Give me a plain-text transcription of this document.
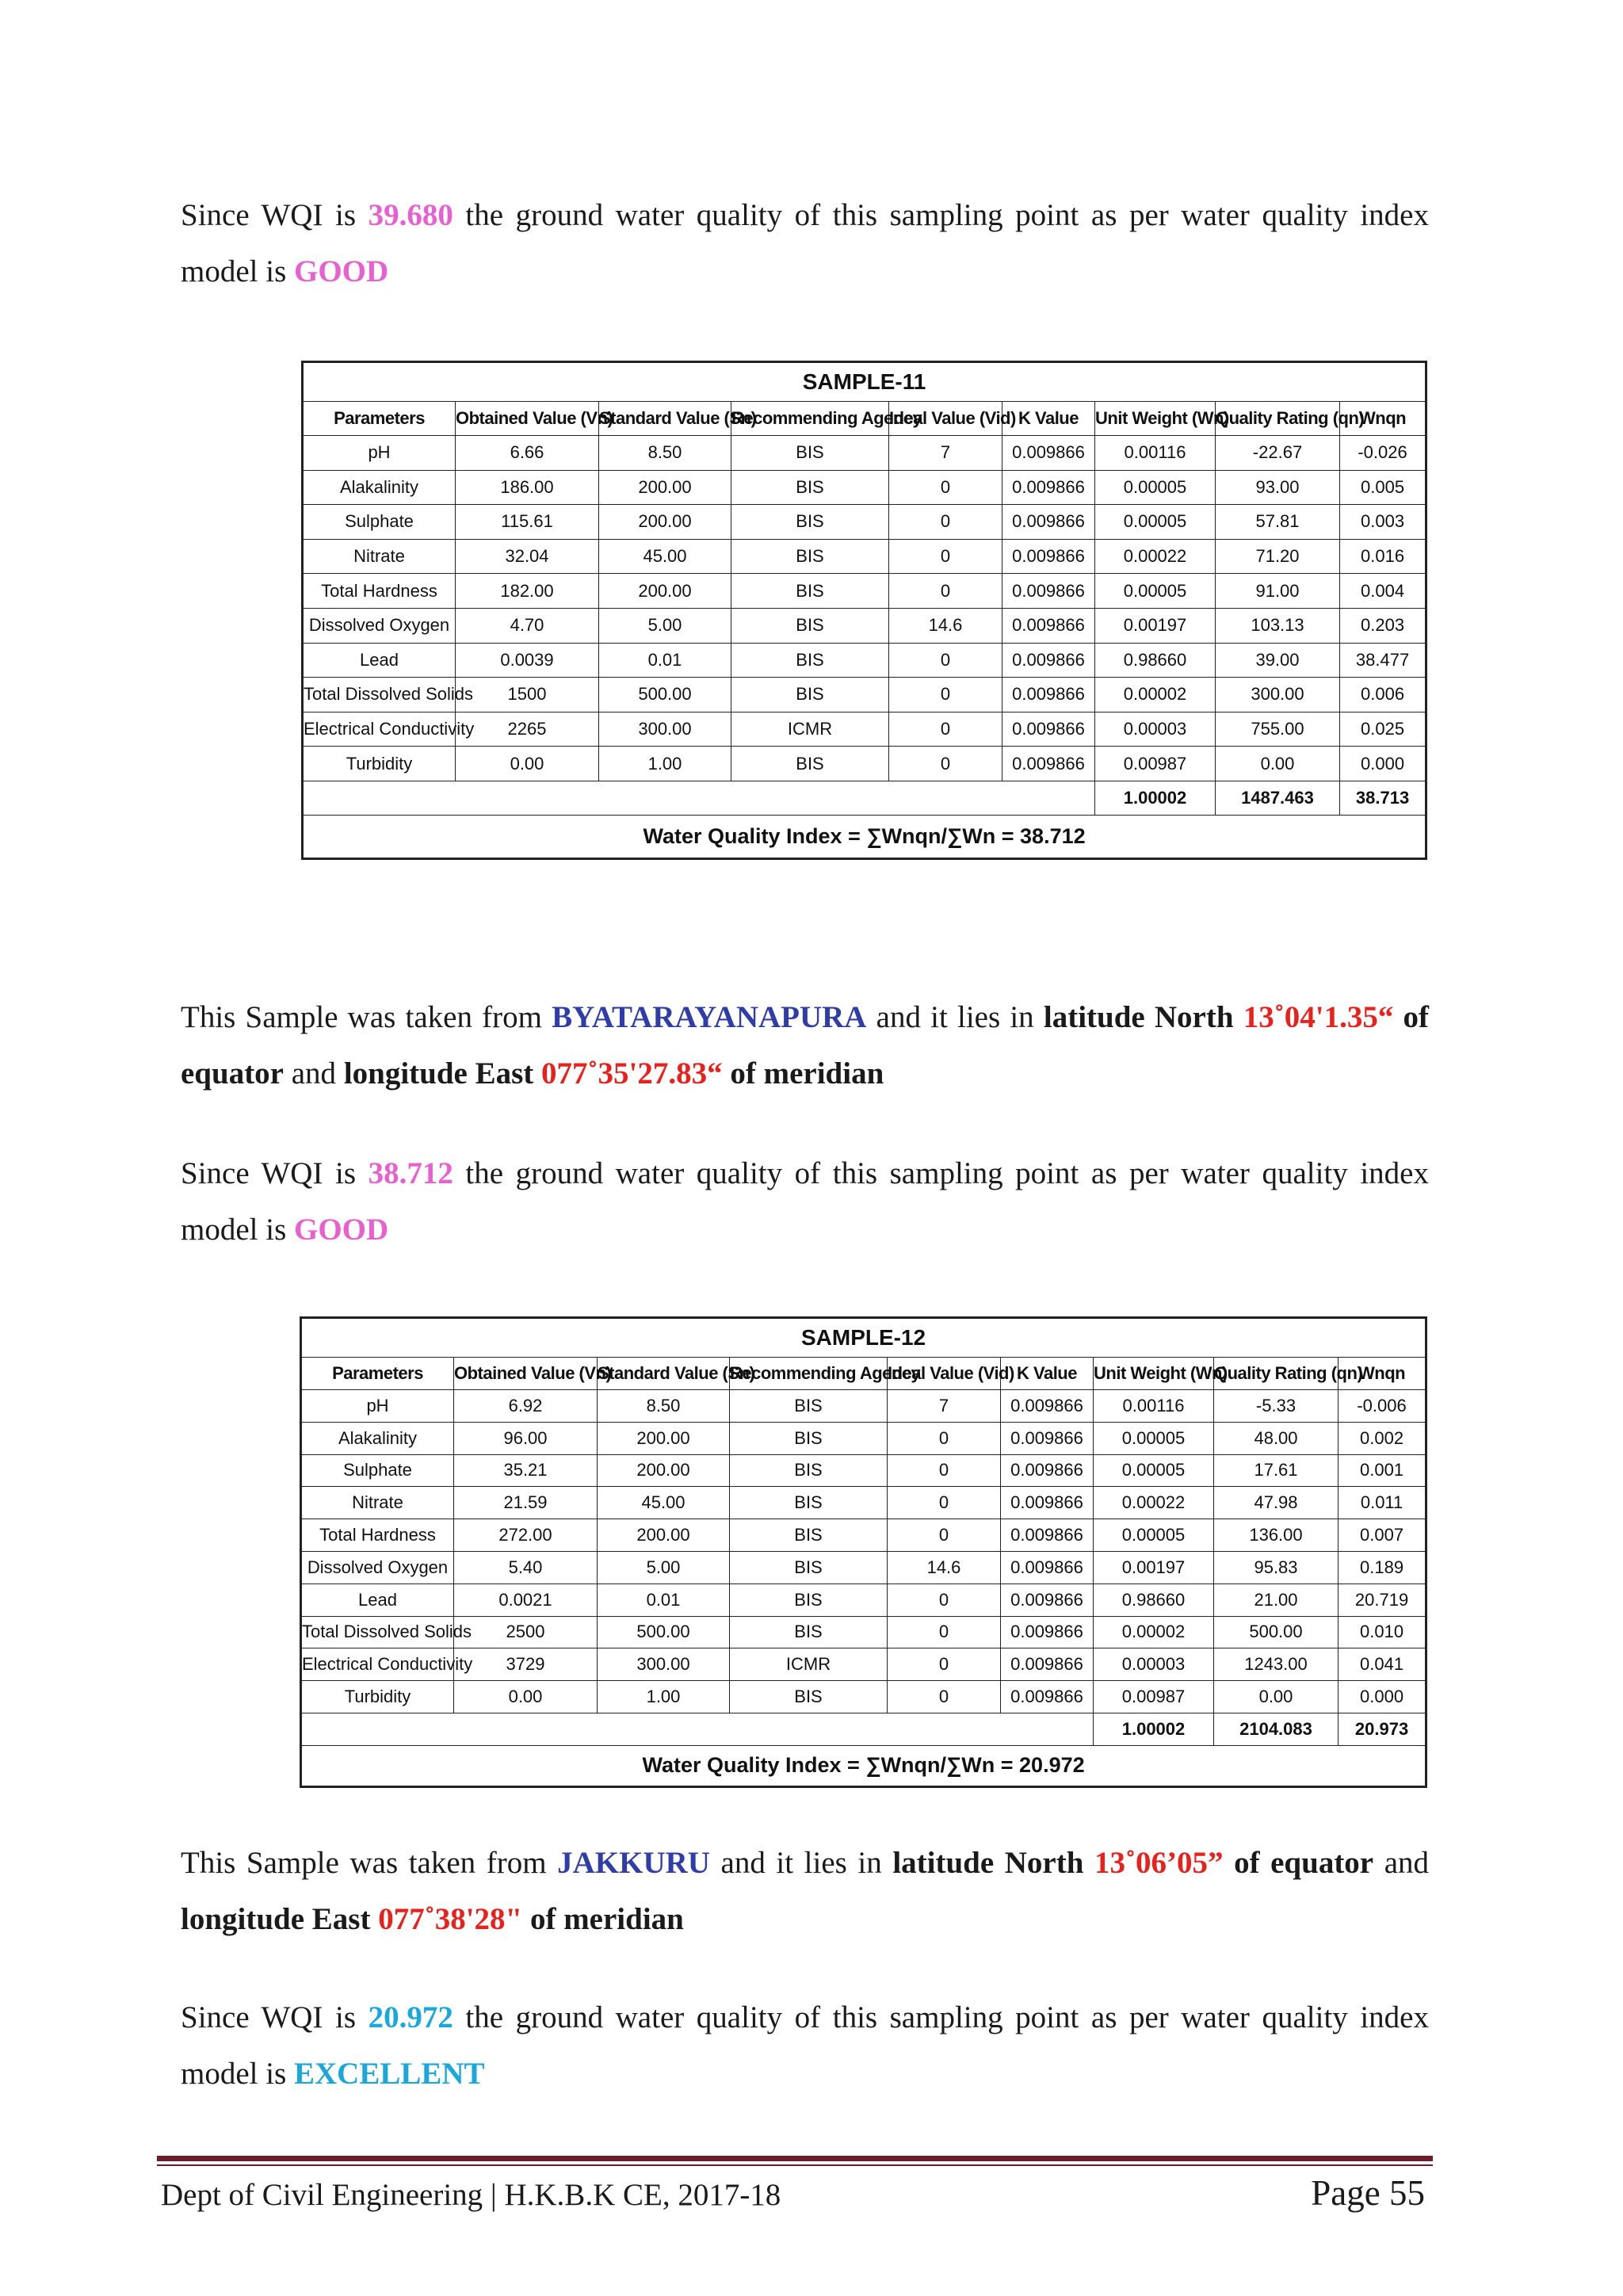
Since WQI is 39.680 the ground water quality of this sampling point as per water quality index model is GOOD
SAMPLE-11								
Parameters	Obtained Value (Vn)	Standard Value (Sn)	Recommending Agency	Ideal Value (Vid)	K Value	Unit Weight (Wn)	Quality Rating (qn)	Wnqn
pH	6.66	8.50	BIS	7	0.009866	0.00116	-22.67	-0.026
Alakalinity	186.00	200.00	BIS	0	0.009866	0.00005	93.00	0.005
Sulphate	115.61	200.00	BIS	0	0.009866	0.00005	57.81	0.003
Nitrate	32.04	45.00	BIS	0	0.009866	0.00022	71.20	0.016
Total Hardness	182.00	200.00	BIS	0	0.009866	0.00005	91.00	0.004
Dissolved Oxygen	4.70	5.00	BIS	14.6	0.009866	0.00197	103.13	0.203
Lead	0.0039	0.01	BIS	0	0.009866	0.98660	39.00	38.477
Total Dissolved Solids	1500	500.00	BIS	0	0.009866	0.00002	300.00	0.006
Electrical Conductivity	2265	300.00	ICMR	0	0.009866	0.00003	755.00	0.025
Turbidity	0.00	1.00	BIS	0	0.009866	0.00987	0.00	0.000
						1.00002	1487.463	38.713
Water Quality Index = ∑Wnqn/∑Wn = 38.712								
This Sample was taken from BYATARAYANAPURA and it lies in latitude North 13˚04'1.35“ of equator and longitude East 077˚35'27.83“ of meridian
Since WQI is 38.712 the ground water quality of this sampling point as per water quality index model is GOOD
SAMPLE-12								
Parameters	Obtained Value (Vn)	Standard Value (Sn)	Recommending Agency	Ideal Value (Vid)	K Value	Unit Weight (Wn)	Quality Rating (qn)	Wnqn
pH	6.92	8.50	BIS	7	0.009866	0.00116	-5.33	-0.006
Alakalinity	96.00	200.00	BIS	0	0.009866	0.00005	48.00	0.002
Sulphate	35.21	200.00	BIS	0	0.009866	0.00005	17.61	0.001
Nitrate	21.59	45.00	BIS	0	0.009866	0.00022	47.98	0.011
Total Hardness	272.00	200.00	BIS	0	0.009866	0.00005	136.00	0.007
Dissolved Oxygen	5.40	5.00	BIS	14.6	0.009866	0.00197	95.83	0.189
Lead	0.0021	0.01	BIS	0	0.009866	0.98660	21.00	20.719
Total Dissolved Solids	2500	500.00	BIS	0	0.009866	0.00002	500.00	0.010
Electrical Conductivity	3729	300.00	ICMR	0	0.009866	0.00003	1243.00	0.041
Turbidity	0.00	1.00	BIS	0	0.009866	0.00987	0.00	0.000
						1.00002	2104.083	20.973
Water Quality Index = ∑Wnqn/∑Wn = 20.972								
This Sample was taken from JAKKURU and it lies in latitude North 13˚06’05” of equator and longitude East 077˚38'28" of meridian
Since WQI is 20.972 the ground water quality of this sampling point as per water quality index model is EXCELLENT
Dept of Civil Engineering | H.K.B.K CE, 2017-18	Page 55
